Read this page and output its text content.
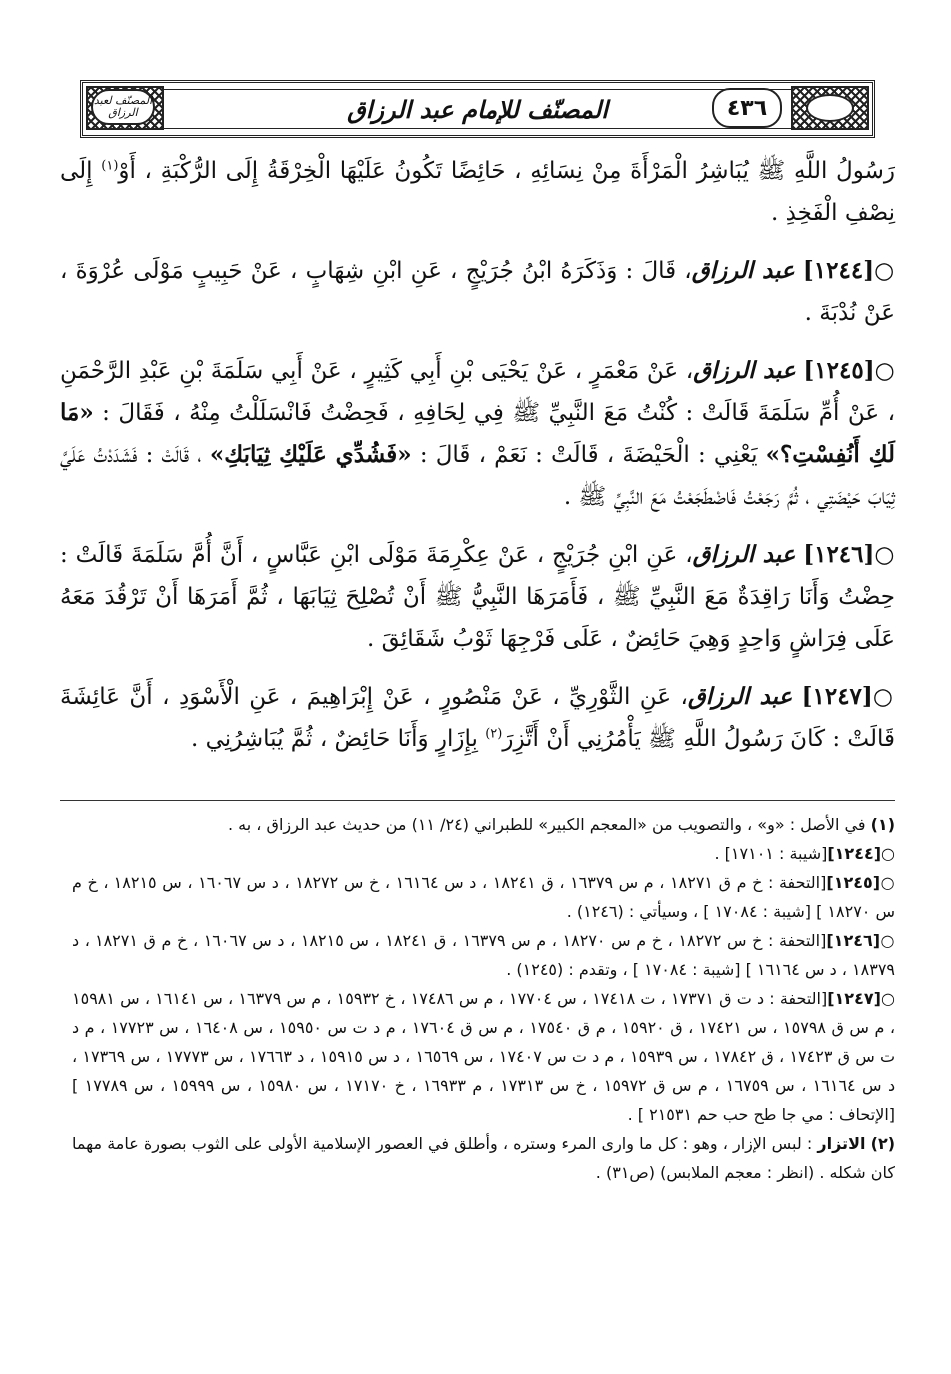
٤٣٦
المصنّف لعبد الرزاق	المصنّف للإمام عبد الرزاق

رَسُولُ اللَّهِ ﷺ يُبَاشِرُ الْمَرْأَةَ مِنْ نِسَائِهِ ، حَائِضًا تَكُونُ عَلَيْهَا الْخِرْقَةُ إِلَى الرُّكْبَةِ ، أَوْ$^{(١)}$ إِلَى نِصْفِ الْفَخِذِ .

○[١٢٤٤] عبد الرزاق، قَالَ : وَذَكَرَهُ ابْنُ جُرَيْجٍ ، عَنِ ابْنِ شِهَابٍ ، عَنْ حَبِيبٍ مَوْلَى عُرْوَةَ ، عَنْ نُدْبَةَ .

○[١٢٤٥] عبد الرزاق، عَنْ مَعْمَرٍ ، عَنْ يَحْيَى بْنِ أَبِي كَثِيرٍ ، عَنْ أَبِي سَلَمَةَ بْنِ عَبْدِ الرَّحْمَنِ ، عَنْ أُمِّ سَلَمَةَ قَالَتْ : كُنْتُ مَعَ النَّبِيِّ ﷺ فِي لِحَافِهِ ، فَحِضْتُ فَانْسَلَلْتُ مِنْهُ ، فَقَالَ : «مَا لَكِ أَنُفِسْتِ؟» يَعْنِي : الْحَيْضَةَ ، قَالَتْ : نَعَمْ ، قَالَ : «فَشُدِّي عَلَيْكِ ثِيَابَكِ» ، قَالَتْ : فَشَدَدْتُ عَلَيَّ ثِيَابَ حَيْضَتِي ، ثُمَّ رَجَعْتُ فَاضْطَجَعْتُ مَعَ النَّبِيِّ ﷺ .

○[١٢٤٦] عبد الرزاق، عَنِ ابْنِ جُرَيْجٍ ، عَنْ عِكْرِمَةَ مَوْلَى ابْنِ عَبَّاسٍ ، أَنَّ أُمَّ سَلَمَةَ قَالَتْ : حِضْتُ وَأَنَا رَاقِدَةٌ مَعَ النَّبِيِّ ﷺ ، فَأَمَرَهَا النَّبِيُّ ﷺ أَنْ تُصْلِحَ ثِيَابَهَا ، ثُمَّ أَمَرَهَا أَنْ تَرْقُدَ مَعَهُ عَلَى فِرَاشٍ وَاحِدٍ وَهِيَ حَائِضٌ ، عَلَى فَرْجِهَا ثَوْبُ شَقَائِقَ .

○[١٢٤٧] عبد الرزاق، عَنِ الثَّوْرِيِّ ، عَنْ مَنْصُورٍ ، عَنْ إِبْرَاهِيمَ ، عَنِ الْأَسْوَدِ ، أَنَّ عَائِشَةَ قَالَتْ : كَانَ رَسُولُ اللَّهِ ﷺ يَأْمُرُنِي أَنْ أَتَّزِرَ$^{(٢)}$ بِإِزَارٍ وَأَنَا حَائِضٌ ، ثُمَّ يُبَاشِرُنِي .

(١) في الأصل : «و» ، والتصويب من «المعجم الكبير» للطبراني (٢٤/ ١١) من حديث عبد الرزاق ، به .

○[١٢٤٤][شيبة : ١٧١٠١] .

○[١٢٤٥][التحفة : خ م ق ١٨٢٧١ ، م س ١٦٣٧٩ ، ق ١٨٢٤١ ، د س ١٦١٦٤ ، خ س ١٨٢٧٢ ، د س ١٦٠٦٧ ، س ١٨٢١٥ ، خ م س ١٨٢٧٠ ] [شيبة : ١٧٠٨٤ ] ، وسيأتي : (١٢٤٦) .

○[١٢٤٦][التحفة : خ س ١٨٢٧٢ ، خ م س ١٨٢٧٠ ، م س ١٦٣٧٩ ، ق ١٨٢٤١ ، س ١٨٢١٥ ، د س ١٦٠٦٧ ، خ م ق ١٨٢٧١ ، د ١٨٣٧٩ ، د س ١٦١٦٤ ] [شيبة : ١٧٠٨٤ ] ، وتقدم : (١٢٤٥) .

○[١٢٤٧][التحفة : د ت ق ١٧٣٧١ ، ت ١٧٤١٨ ، س ١٧٧٠٤ ، م س ١٧٤٨٦ ، خ ١٥٩٣٢ ، م س ١٦٣٧٩ ، س ١٦١٤١ ، س ١٥٩٨١ ، م س ق ١٥٧٩٨ ، س ١٧٤٢١ ، ق ١٥٩٢٠ ، م ق ١٧٥٤٠ ، م س ق ١٧٦٠٤ ، م د ت س ١٥٩٥٠ ، س ١٦٤٠٨ ، س ١٧٧٢٣ ، م د ت س ق ١٧٤٢٣ ، ق ١٧٨٤٢ ، س ١٥٩٣٩ ، م د ت س ١٧٤٠٧ ، س ١٦٥٦٩ ، د س ١٥٩١٥ ، د ١٧٦٦٣ ، س ١٧٧٧٣ ، س ١٧٣٦٩ ، د س ١٦١٦٤ ، س ١٦٧٥٩ ، م س ق ١٥٩٧٢ ، خ س ١٧٣١٣ ، م ١٦٩٣٣ ، خ ١٧١٧٠ ، س ١٥٩٨٠ ، س ١٥٩٩٩ ، س ١٧٧٨٩ ] [الإتحاف : مي جا طح حب حم ٢١٥٣١ ] .

(٢) الاتزار : لبس الإزار ، وهو : كل ما وارى المرء وستره ، وأطلق في العصور الإسلامية الأولى على الثوب بصورة عامة مهما كان شكله . (انظر : معجم الملابس) (ص٣١) .
